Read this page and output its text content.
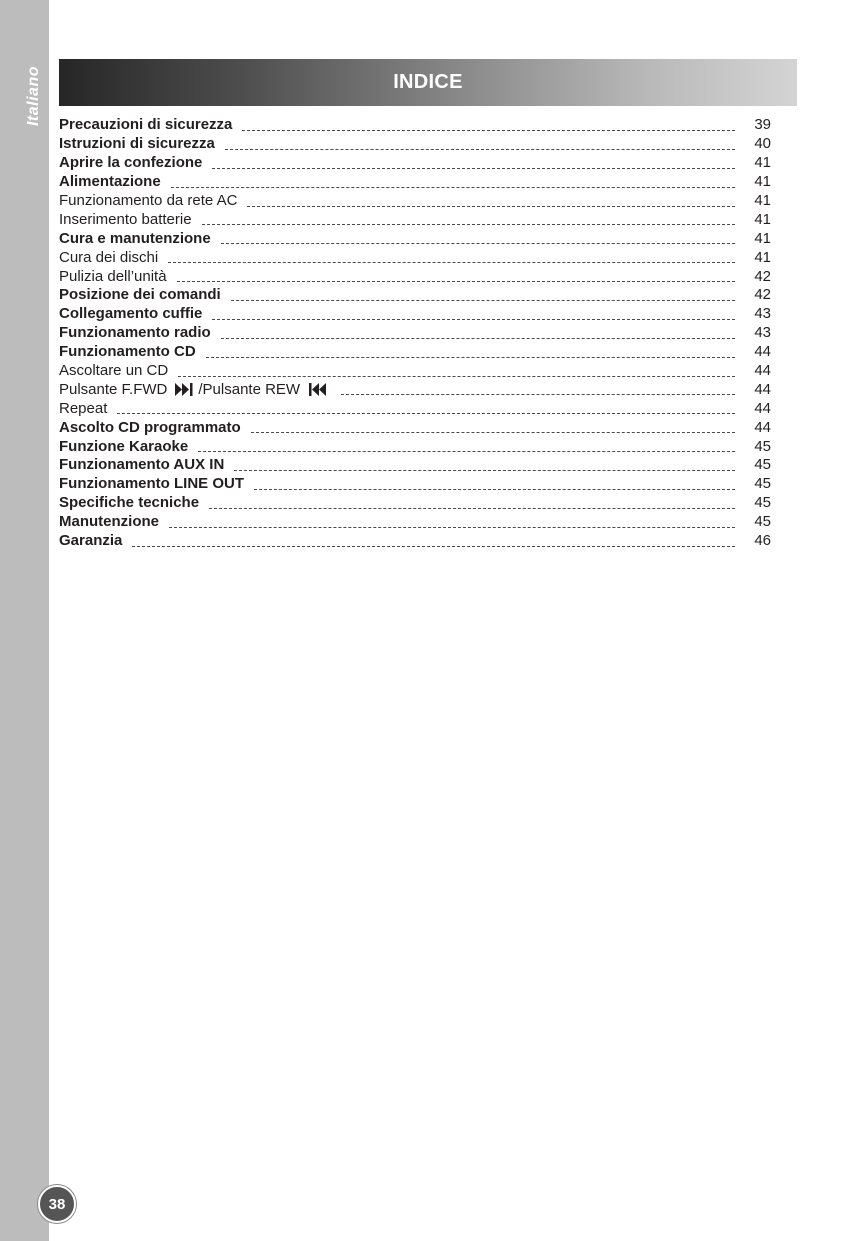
Italiano
38
INDICE
Precauzioni di sicurezza	39
Istruzioni di sicurezza	40
Aprire la confezione	41
Alimentazione	41
Funzionamento da rete AC	41
Inserimento batterie	41
Cura e manutenzione	41
Cura dei dischi	41
Pulizia dell’unità	42
Posizione dei comandi	42
Collegamento cuffie	43
Funzionamento radio	43
Funzionamento CD	44
Ascoltare un CD	44
Pulsante F.FWD /Pulsante REW	44
Repeat	44
Ascolto CD programmato	44
Funzione Karaoke	45
Funzionamento AUX IN	45
Funzionamento LINE OUT	45
Specifiche tecniche	45
Manutenzione	45
Garanzia	46
